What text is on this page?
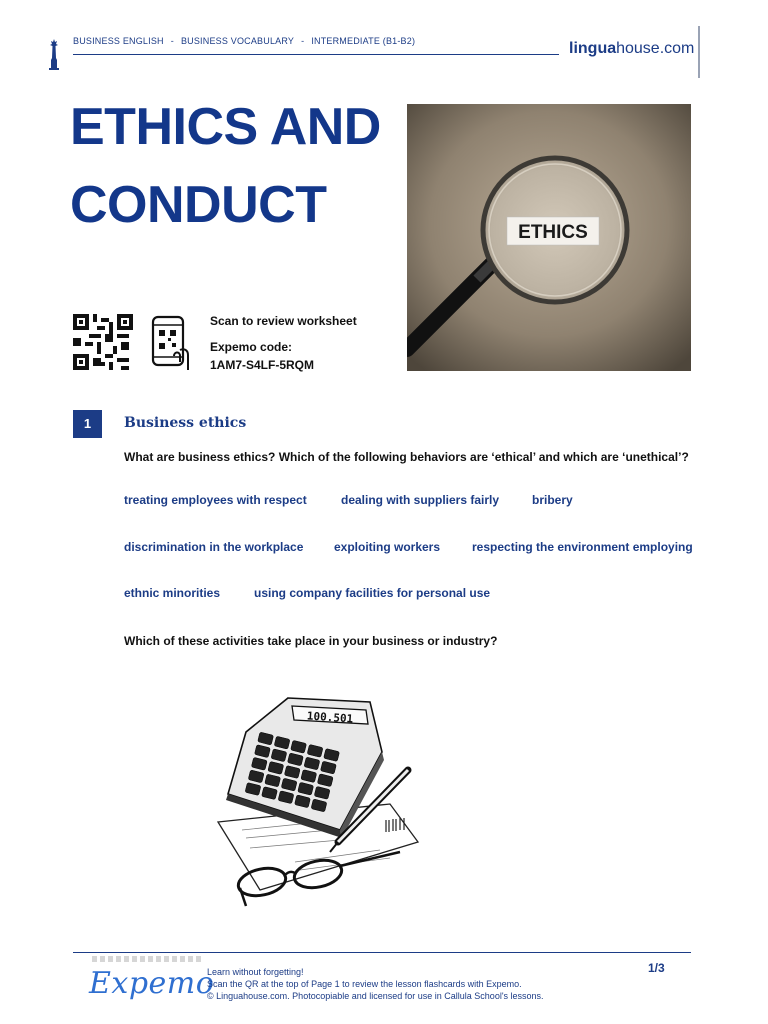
BUSINESS ENGLISH - BUSINESS VOCABULARY - INTERMEDIATE (B1-B2)	linguahouse.com
ETHICS AND
CONDUCT	ETHICS
Scan to review worksheet
Expemo code:
1AM7-S4LF-5RQM
1	Business ethics
What are business ethics? Which of the following behaviors are ‘ethical’ and which are ‘unethical’?
treating employees with respect	dealing with suppliers fairly	bribery
discrimination in the workplace	exploiting workers	respecting the environment employing
ethnic minorities	using company facilities for personal use
Which of these activities take place in your business or industry?
100.501
Expemo
Learn without forgetting!
Scan the QR at the top of Page 1 to review the lesson flashcards with Expemo.
© Linguahouse.com. Photocopiable and licensed for use in Callula School's lessons.
1/3
